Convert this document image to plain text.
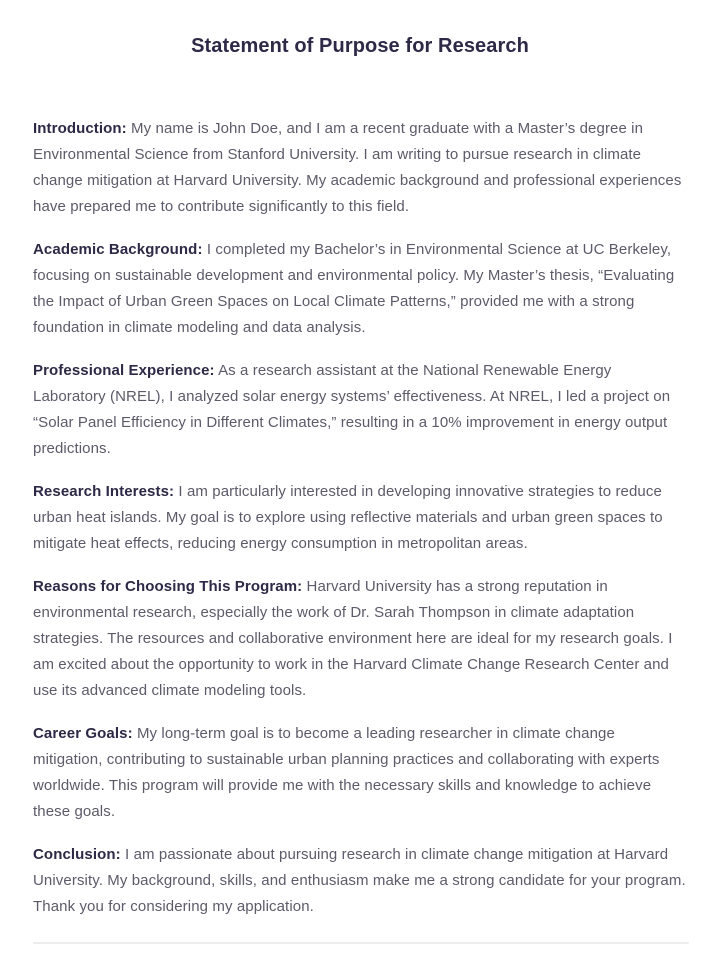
Statement of Purpose for Research

Introduction: My name is John Doe, and I am a recent graduate with a Master’s degree in Environmental Science from Stanford University. I am writing to pursue research in climate change mitigation at Harvard University. My academic background and professional experiences have prepared me to contribute significantly to this field.

Academic Background: I completed my Bachelor’s in Environmental Science at UC Berkeley, focusing on sustainable development and environmental policy. My Master’s thesis, “Evaluating the Impact of Urban Green Spaces on Local Climate Patterns,” provided me with a strong foundation in climate modeling and data analysis.

Professional Experience: As a research assistant at the National Renewable Energy Laboratory (NREL), I analyzed solar energy systems’ effectiveness. At NREL, I led a project on “Solar Panel Efficiency in Different Climates,” resulting in a 10% improvement in energy output predictions.

Research Interests: I am particularly interested in developing innovative strategies to reduce urban heat islands. My goal is to explore using reflective materials and urban green spaces to mitigate heat effects, reducing energy consumption in metropolitan areas.

Reasons for Choosing This Program: Harvard University has a strong reputation in environmental research, especially the work of Dr. Sarah Thompson in climate adaptation strategies. The resources and collaborative environment here are ideal for my research goals. I am excited about the opportunity to work in the Harvard Climate Change Research Center and use its advanced climate modeling tools.

Career Goals: My long-term goal is to become a leading researcher in climate change mitigation, contributing to sustainable urban planning practices and collaborating with experts worldwide. This program will provide me with the necessary skills and knowledge to achieve these goals.

Conclusion: I am passionate about pursuing research in climate change mitigation at Harvard University. My background, skills, and enthusiasm make me a strong candidate for your program. Thank you for considering my application.
